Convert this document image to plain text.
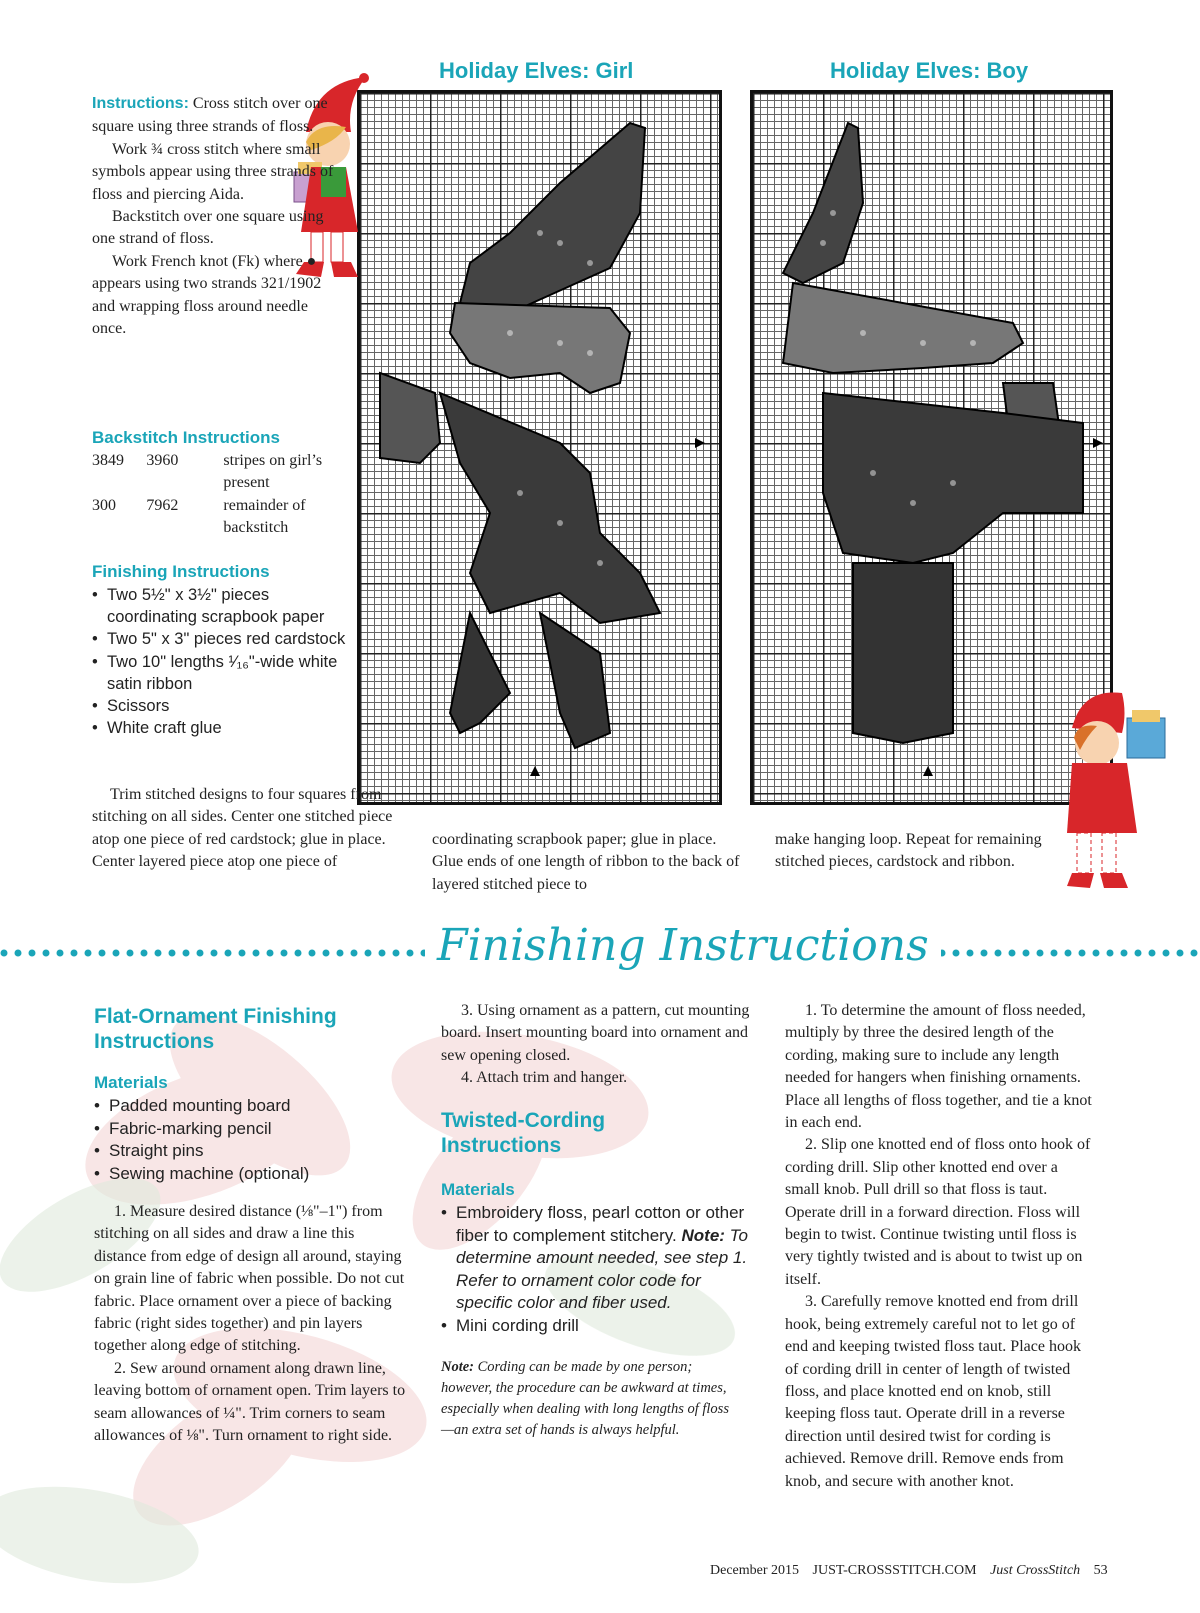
Holiday Elves: Girl	Holiday Elves: Boy

Instructions: Cross stitch over one square using three strands of floss.

Work ¾ cross stitch where small symbols appear using three strands of floss and piercing Aida.

Backstitch over one square using one strand of floss.

Work French knot (Fk) where ● appears using two strands 321/1902 and wrapping floss around needle once.

Backstitch Instructions
3849	3960	stripes on girl’s present
300	7962	remainder of backstitch
Finishing Instructions
• Two 5½" x 3½" pieces coordinating scrapbook paper
• Two 5" x 3" pieces red cardstock
• Two 10" lengths ¹⁄₁₆"-wide white satin ribbon
• Scissors
• White craft glue
Trim stitched designs to four squares from stitching on all sides. Center one stitched piece atop one piece of red cardstock; glue in place. Center layered piece atop one piece of
coordinating scrapbook paper; glue in place. Glue ends of one length of ribbon to the back of layered stitched piece to
make hanging loop. Repeat for remaining stitched pieces, cardstock and ribbon.
Finishing Instructions
Flat-Ornament Finishing Instructions
Materials
• Padded mounting board
• Fabric-marking pencil
• Straight pins
• Sewing machine (optional)

1. Measure desired distance (⅛"–1") from stitching on all sides and draw a line this distance from edge of design all around, staying on grain line of fabric when possible. Do not cut fabric. Place ornament over a piece of backing fabric (right sides together) and pin layers together along edge of stitching.

2. Sew around ornament along drawn line, leaving bottom of ornament open. Trim layers to seam allowances of ¼". Trim corners to seam allowances of ⅛". Turn ornament to right side.

3. Using ornament as a pattern, cut mounting board. Insert mounting board into ornament and sew opening closed.

4. Attach trim and hanger.

Twisted-Cording Instructions
Materials
• Embroidery floss, pearl cotton or other fiber to complement stitchery. Note: To determine amount needed, see step 1. Refer to ornament color code for specific color and fiber used.
• Mini cording drill
Note: Cording can be made by one person; however, the procedure can be awkward at times, especially when dealing with long lengths of floss—an extra set of hands is always helpful.

1. To determine the amount of floss needed, multiply by three the desired length of the cording, making sure to include any length needed for hangers when finishing ornaments. Place all lengths of floss together, and tie a knot in each end.

2. Slip one knotted end of floss onto hook of cording drill. Slip other knotted end over a small knob. Pull drill so that floss is taut. Operate drill in a forward direction. Floss will begin to twist. Continue twisting until floss is very tightly twisted and is about to twist up on itself.

3. Carefully remove knotted end from drill hook, being extremely careful not to let go of end and keeping twisted floss taut. Place hook of cording drill in center of length of twisted floss, and place knotted end on knob, still keeping floss taut. Operate drill in a reverse direction until desired twist for cording is achieved. Remove drill. Remove ends from knob, and secure with another knot.

December 2015 JUST-CROSSSTITCH.COM Just CrossStitch 53
